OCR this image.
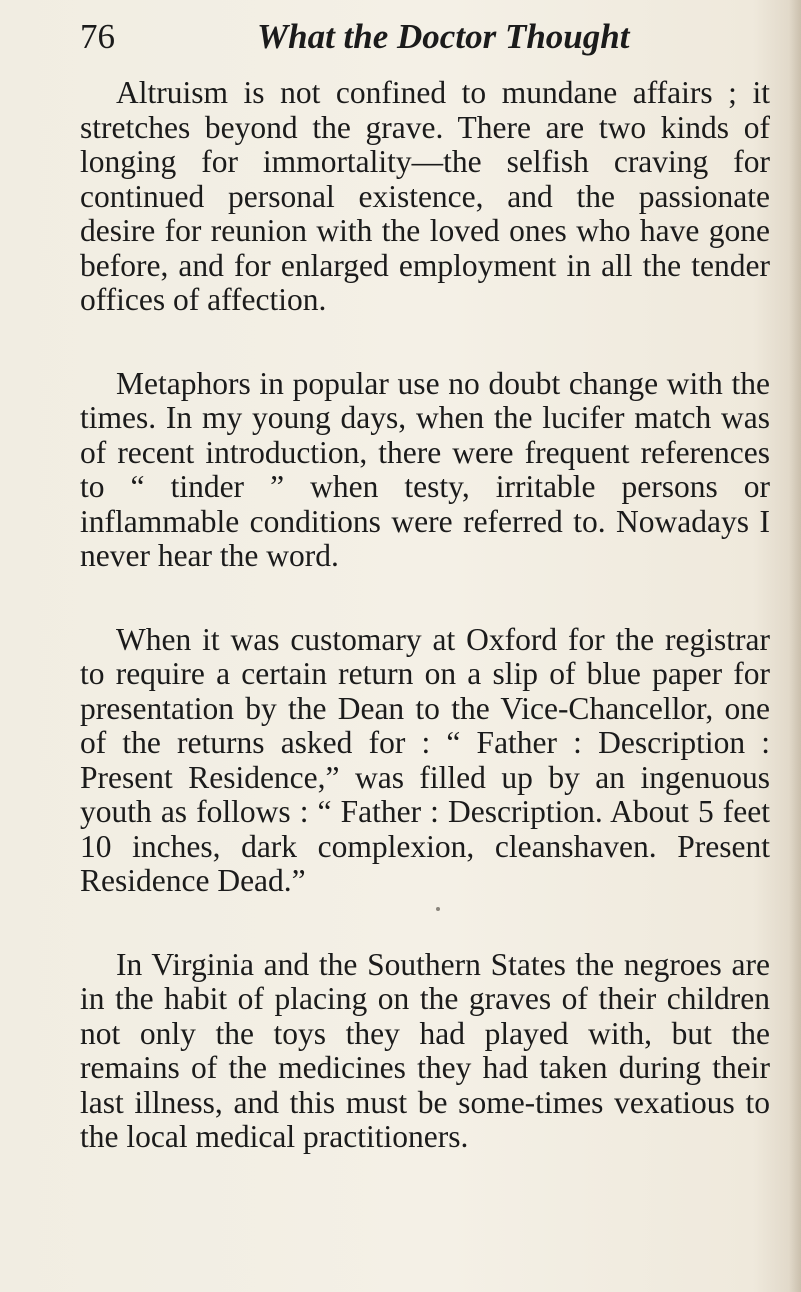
76	What the Doctor Thought

Altruism is not confined to mundane affairs ; it stretches beyond the grave. There are two kinds of longing for immortality—the selfish craving for continued personal existence, and the passionate desire for reunion with the loved ones who have gone before, and for enlarged employment in all the tender offices of affection.

Metaphors in popular use no doubt change with the times. In my young days, when the lucifer match was of recent introduction, there were frequent references to “ tinder ” when testy, irritable persons or inflammable conditions were referred to. Nowadays I never hear the word.

When it was customary at Oxford for the registrar to require a certain return on a slip of blue paper for presentation by the Dean to the Vice-Chancellor, one of the returns asked for : “ Father : Description : Present Residence,” was filled up by an ingenuous youth as follows : “ Father : Description. About 5 feet 10 inches, dark complexion, cleanshaven. Present Residence Dead.”

In Virginia and the Southern States the negroes are in the habit of placing on the graves of their children not only the toys they had played with, but the remains of the medicines they had taken during their last illness, and this must be some-times vexatious to the local medical practitioners.
